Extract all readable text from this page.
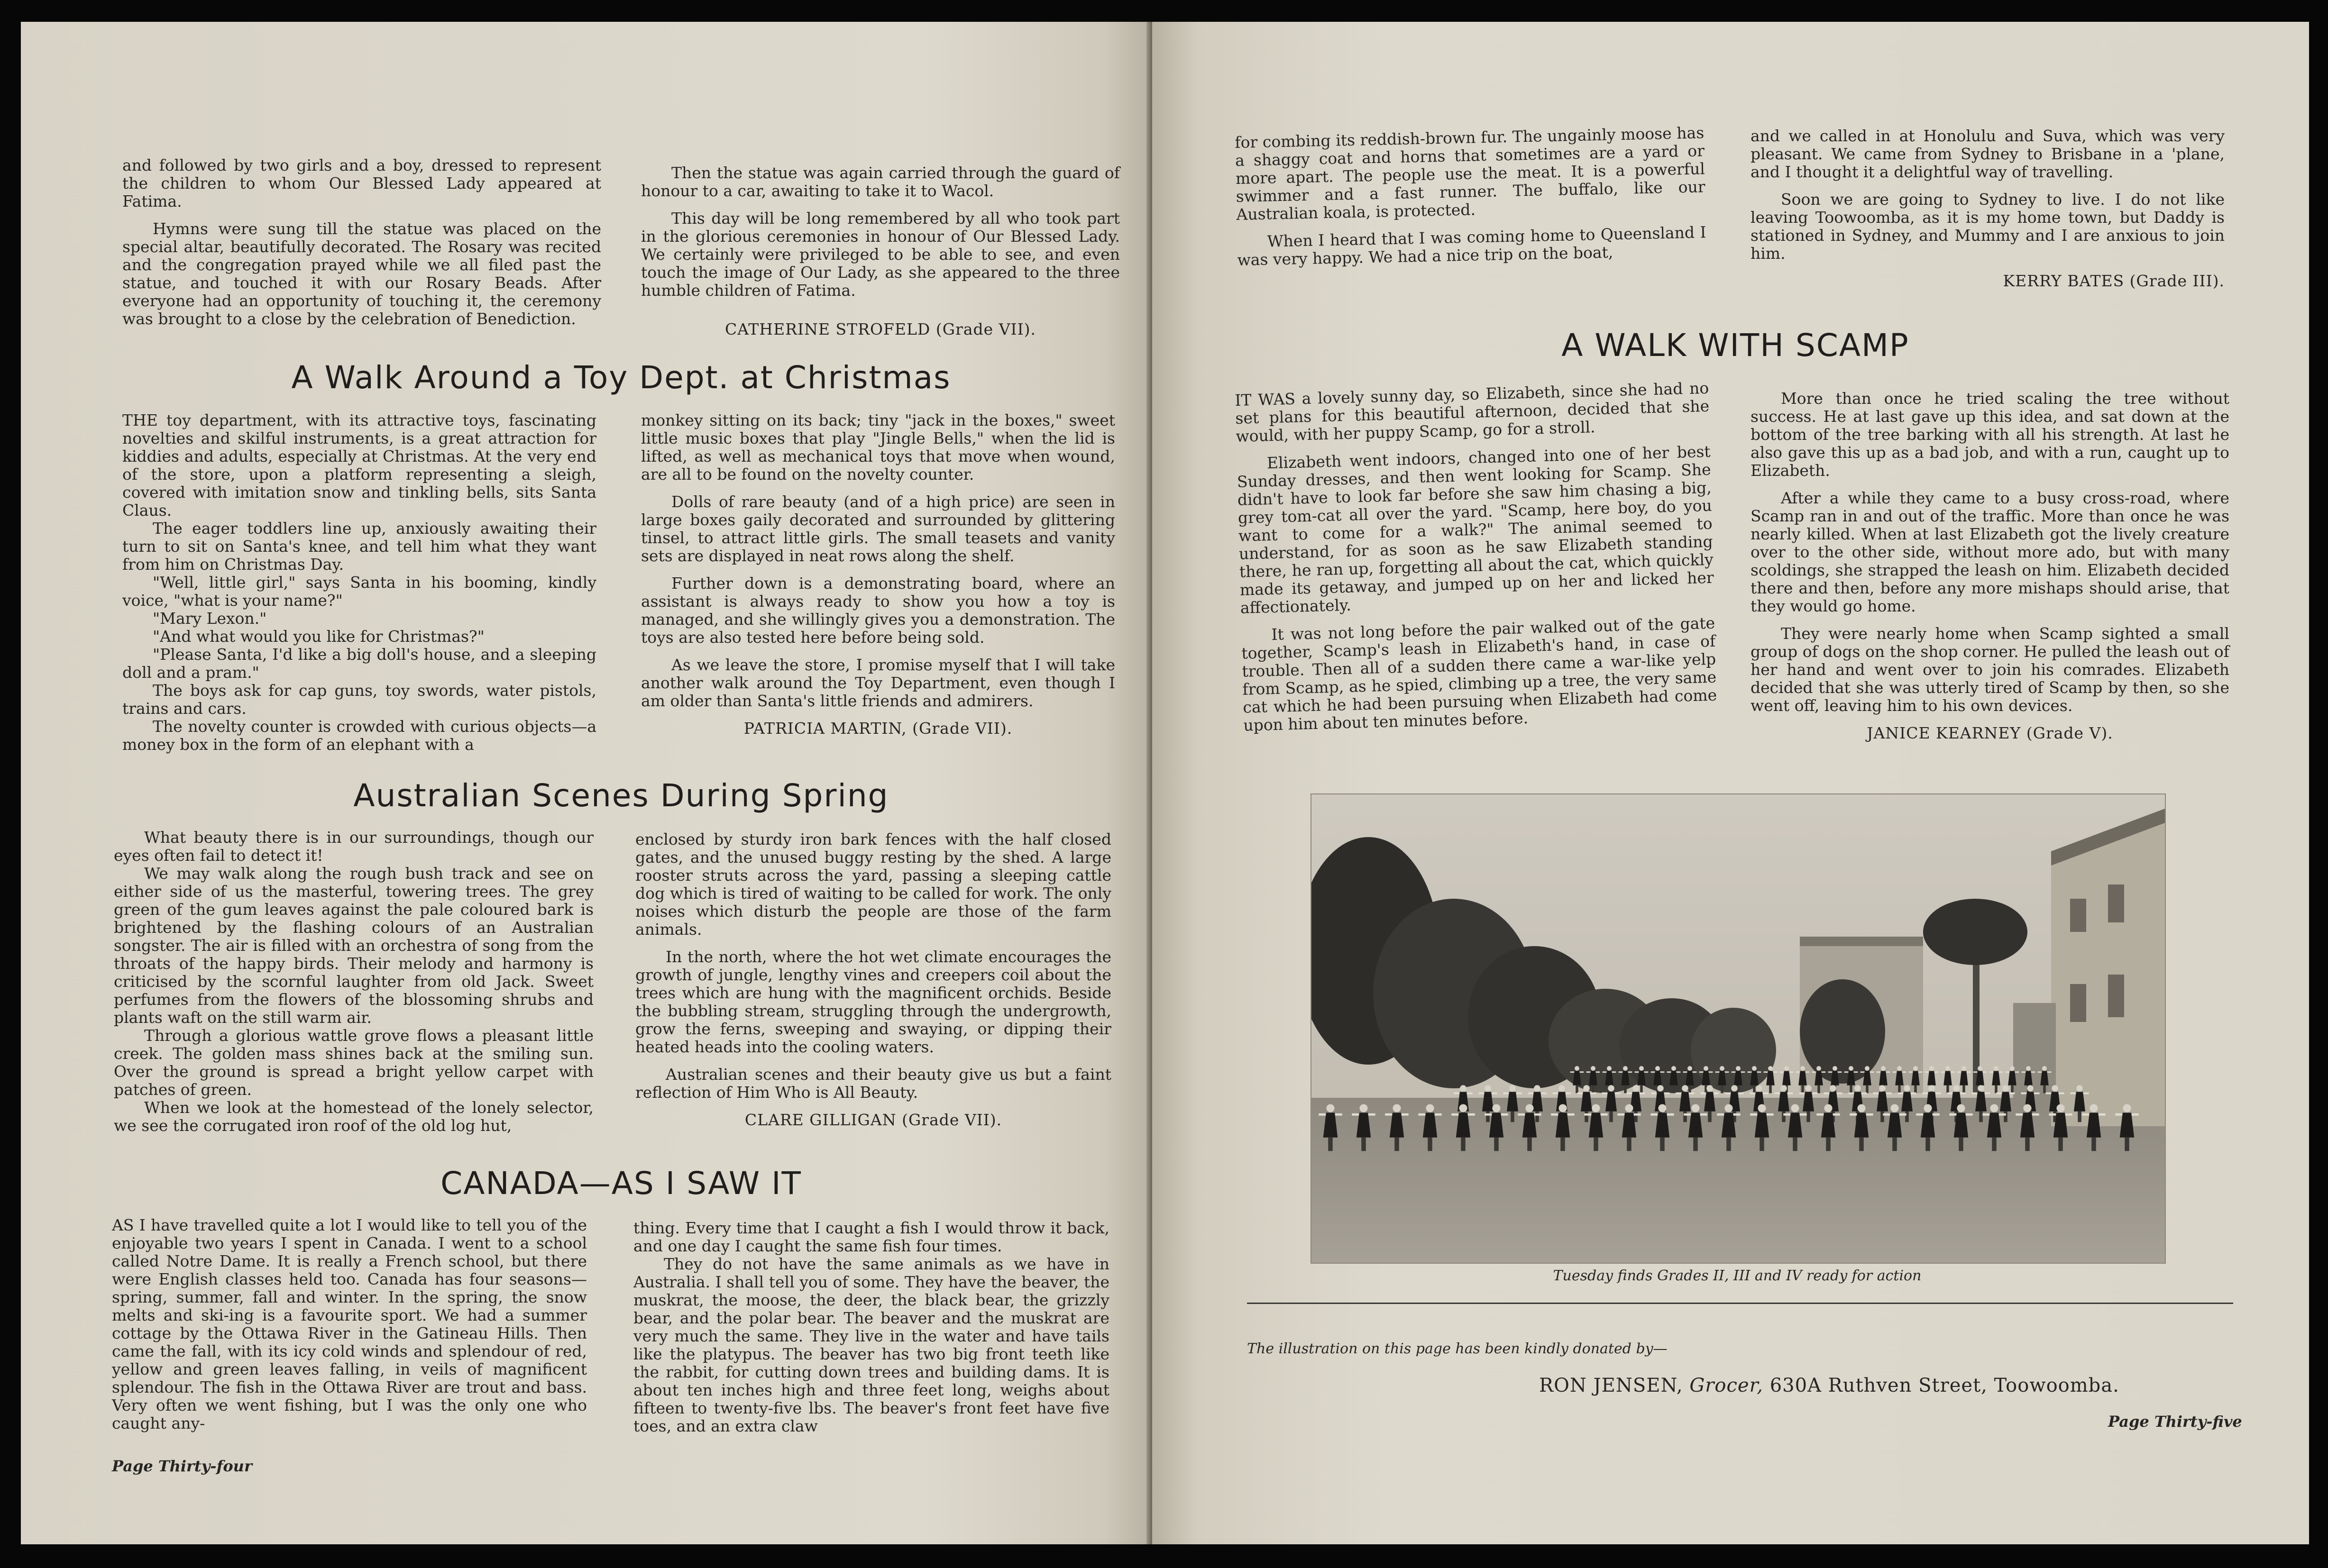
and followed by two girls and a boy, dressed to represent the children to whom Our Blessed Lady appeared at Fatima.

Hymns were sung till the statue was placed on the special altar, beautifully decorated. The Rosary was recited and the congregation prayed while we all filed past the statue, and touched it with our Rosary Beads. After everyone had an opportunity of touching it, the ceremony was brought to a close by the celebration of Benediction.

Then the statue was again carried through the guard of honour to a car, awaiting to take it to Wacol.

This day will be long remembered by all who took part in the glorious ceremonies in honour of Our Blessed Lady. We certainly were privileged to be able to see, and even touch the image of Our Lady, as she appeared to the three humble children of Fatima.

CATHERINE STROFELD (Grade VII).
A Walk Around a Toy Dept. at Christmas

THE toy department, with its attractive toys, fascinating novelties and skilful instruments, is a great attraction for kiddies and adults, especially at Christmas. At the very end of the store, upon a platform representing a sleigh, covered with imitation snow and tinkling bells, sits Santa Claus.

The eager toddlers line up, anxiously awaiting their turn to sit on Santa's knee, and tell him what they want from him on Christmas Day.

"Well, little girl," says Santa in his booming, kindly voice, "what is your name?"

"Mary Lexon."

"And what would you like for Christmas?"

"Please Santa, I'd like a big doll's house, and a sleeping doll and a pram."

The boys ask for cap guns, toy swords, water pistols, trains and cars.

The novelty counter is crowded with curious objects—a money box in the form of an elephant with a

monkey sitting on its back; tiny "jack in the boxes," sweet little music boxes that play "Jingle Bells," when the lid is lifted, as well as mechanical toys that move when wound, are all to be found on the novelty counter.

Dolls of rare beauty (and of a high price) are seen in large boxes gaily decorated and surrounded by glittering tinsel, to attract little girls. The small teasets and vanity sets are displayed in neat rows along the shelf.

Further down is a demonstrating board, where an assistant is always ready to show you how a toy is managed, and she willingly gives you a demonstration. The toys are also tested here before being sold.

As we leave the store, I promise myself that I will take another walk around the Toy Department, even though I am older than Santa's little friends and admirers.

PATRICIA MARTIN, (Grade VII).
Australian Scenes During Spring

What beauty there is in our surroundings, though our eyes often fail to detect it!

We may walk along the rough bush track and see on either side of us the masterful, towering trees. The grey green of the gum leaves against the pale coloured bark is brightened by the flashing colours of an Australian songster. The air is filled with an orchestra of song from the throats of the happy birds. Their melody and harmony is criticised by the scornful laughter from old Jack. Sweet perfumes from the flowers of the blossoming shrubs and plants waft on the still warm air.

Through a glorious wattle grove flows a pleasant little creek. The golden mass shines back at the smiling sun. Over the ground is spread a bright yellow carpet with patches of green.

When we look at the homestead of the lonely selector, we see the corrugated iron roof of the old log hut,

enclosed by sturdy iron bark fences with the half closed gates, and the unused buggy resting by the shed. A large rooster struts across the yard, passing a sleeping cattle dog which is tired of waiting to be called for work. The only noises which disturb the people are those of the farm animals.

In the north, where the hot wet climate encourages the growth of jungle, lengthy vines and creepers coil about the trees which are hung with the magnificent orchids. Beside the bubbling stream, struggling through the undergrowth, grow the ferns, sweeping and swaying, or dipping their heated heads into the cooling waters.

Australian scenes and their beauty give us but a faint reflection of Him Who is All Beauty.

CLARE GILLIGAN (Grade VII).
CANADA—AS I SAW IT

AS I have travelled quite a lot I would like to tell you of the enjoyable two years I spent in Canada. I went to a school called Notre Dame. It is really a French school, but there were English classes held too. Canada has four seasons—spring, summer, fall and winter. In the spring, the snow melts and ski-ing is a favourite sport. We had a summer cottage by the Ottawa River in the Gatineau Hills. Then came the fall, with its icy cold winds and splendour of red, yellow and green leaves falling, in veils of magnificent splendour. The fish in the Ottawa River are trout and bass. Very often we went fishing, but I was the only one who caught any-

thing. Every time that I caught a fish I would throw it back, and one day I caught the same fish four times.

They do not have the same animals as we have in Australia. I shall tell you of some. They have the beaver, the muskrat, the moose, the deer, the black bear, the grizzly bear, and the polar bear. The beaver and the muskrat are very much the same. They live in the water and have tails like the platypus. The beaver has two big front teeth like the rabbit, for cutting down trees and building dams. It is about ten inches high and three feet long, weighs about fifteen to twenty-five lbs. The beaver's front feet have five toes, and an extra claw

Page Thirty-four

for combing its reddish-brown fur. The ungainly moose has a shaggy coat and horns that sometimes are a yard or more apart. The people use the meat. It is a powerful swimmer and a fast runner. The buffalo, like our Australian koala, is protected.

When I heard that I was coming home to Queensland I was very happy. We had a nice trip on the boat,

and we called in at Honolulu and Suva, which was very pleasant. We came from Sydney to Brisbane in a 'plane, and I thought it a delightful way of travelling.

Soon we are going to Sydney to live. I do not like leaving Toowoomba, as it is my home town, but Daddy is stationed in Sydney, and Mummy and I are anxious to join him.

KERRY BATES (Grade III).
A WALK WITH SCAMP

IT WAS a lovely sunny day, so Elizabeth, since she had no set plans for this beautiful afternoon, decided that she would, with her puppy Scamp, go for a stroll.

Elizabeth went indoors, changed into one of her best Sunday dresses, and then went looking for Scamp. She didn't have to look far before she saw him chasing a big, grey tom-cat all over the yard. "Scamp, here boy, do you want to come for a walk?" The animal seemed to understand, for as soon as he saw Elizabeth standing there, he ran up, forgetting all about the cat, which quickly made its getaway, and jumped up on her and licked her affectionately.

It was not long before the pair walked out of the gate together, Scamp's leash in Elizabeth's hand, in case of trouble. Then all of a sudden there came a war-like yelp from Scamp, as he spied, climbing up a tree, the very same cat which he had been pursuing when Elizabeth had come upon him about ten minutes before.

More than once he tried scaling the tree without success. He at last gave up this idea, and sat down at the bottom of the tree barking with all his strength. At last he also gave this up as a bad job, and with a run, caught up to Elizabeth.

After a while they came to a busy cross-road, where Scamp ran in and out of the traffic. More than once he was nearly killed. When at last Elizabeth got the lively creature over to the other side, without more ado, but with many scoldings, she strapped the leash on him. Elizabeth decided there and then, before any more mishaps should arise, that they would go home.

They were nearly home when Scamp sighted a small group of dogs on the shop corner. He pulled the leash out of her hand and went over to join his comrades. Elizabeth decided that she was utterly tired of Scamp by then, so she went off, leaving him to his own devices.

JANICE KEARNEY (Grade V).
Tuesday finds Grades II, III and IV ready for action
The illustration on this page has been kindly donated by—
RON JENSEN, Grocer, 630A Ruthven Street, Toowoomba.
Page Thirty-five
